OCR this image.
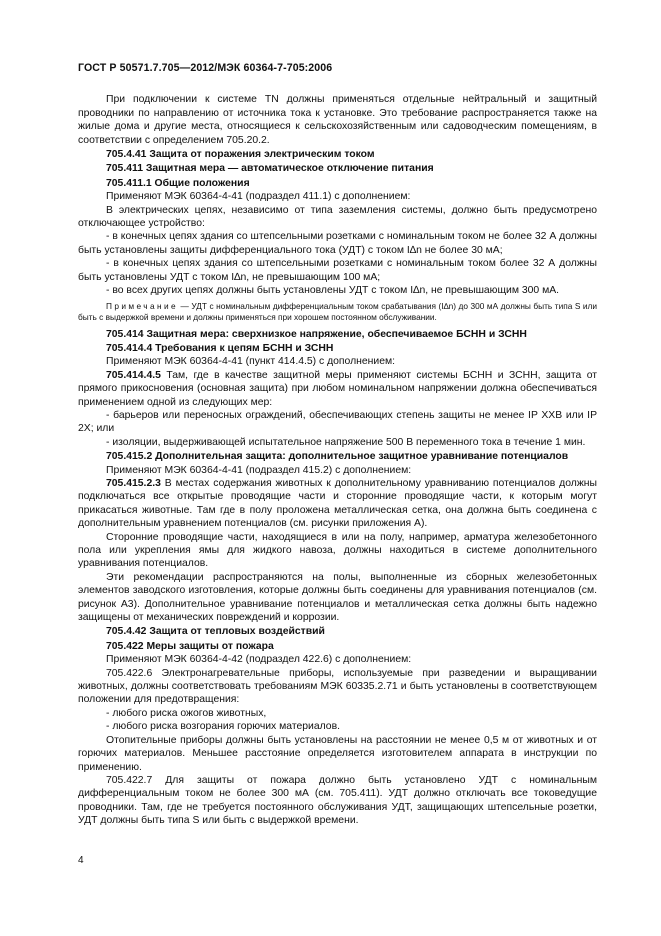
ГОСТ Р 50571.7.705—2012/МЭК 60364-7-705:2006

При подключении к системе TN должны применяться отдельные нейтральный и защитный проводники по направлению от источника тока к установке. Это требование распространяется также на жилые дома и другие места, относящиеся к сельскохозяйственным или садоводческим помещениям, в соответствии с определением 705.20.2.

705.4.41 Защита от поражения электрическим током

705.411 Защитная мера — автоматическое отключение питания

705.411.1 Общие положения

Применяют МЭК 60364-4-41 (подраздел 411.1) с дополнением:

В электрических цепях, независимо от типа заземления системы, должно быть предусмотрено отключающее устройство:

- в конечных цепях здания со штепсельными розетками с номинальным током не более 32 А должны быть установлены защиты дифференциального тока (УДТ) с током I∆n не более 30 мА;

- в конечных цепях здания со штепсельными розетками с номинальным током более 32 А должны быть установлены УДТ с током I∆n, не превышающим 100 мА;

- во всех других цепях должны быть установлены УДТ с током I∆n, не превышающим 300 мА.

Примечание — УДТ с номинальным дифференциальным током срабатывания (I∆n) до 300 мА должны быть типа S или быть с выдержкой времени и должны применяться при хорошем постоянном обслуживании.

705.414 Защитная мера: сверхнизкое напряжение, обеспечиваемое БСНН и ЗСНН

705.414.4 Требования к цепям БСНН и ЗСНН

Применяют МЭК 60364-4-41 (пункт 414.4.5) с дополнением:

705.414.4.5 Там, где в качестве защитной меры применяют системы БСНН и ЗСНН, защита от прямого прикосновения (основная защита) при любом номинальном напряжении должна обеспечиваться применением одной из следующих мер:

- барьеров или переносных ограждений, обеспечивающих степень защиты не менее IP XXB или IP 2X; или

- изоляции, выдерживающей испытательное напряжение 500 В переменного тока в течение 1 мин.

705.415.2 Дополнительная защита: дополнительное защитное уравнивание потенциалов

Применяют МЭК 60364-4-41 (подраздел 415.2) с дополнением:

705.415.2.3 В местах содержания животных к дополнительному уравниванию потенциалов должны подключаться все открытые проводящие части и сторонние проводящие части, к которым могут прикасаться животные. Там где в полу проложена металлическая сетка, она должна быть соединена с дополнительным уравнением потенциалов (см. рисунки приложения А).

Сторонние проводящие части, находящиеся в или на полу, например, арматура железобетонного пола или укрепления ямы для жидкого навоза, должны находиться в системе дополнительного уравнивания потенциалов.

Эти рекомендации распространяются на полы, выполненные из сборных железобетонных элементов заводского изготовления, которые должны быть соединены для уравнивания потенциалов (см. рисунок А3). Дополнительное уравнивание потенциалов и металлическая сетка должны быть надежно защищены от механических повреждений и коррозии.

705.4.42 Защита от тепловых воздействий

705.422 Меры защиты от пожара

Применяют МЭК 60364-4-42 (подраздел 422.6) с дополнением:

705.422.6 Электронагревательные приборы, используемые при разведении и выращивании животных, должны соответствовать требованиям МЭК 60335.2.71 и быть установлены в соответствующем положении для предотвращения:

- любого риска ожогов животных,

- любого риска возгорания горючих материалов.

Отопительные приборы должны быть установлены на расстоянии не менее 0,5 м от животных и от горючих материалов. Меньшее расстояние определяется изготовителем аппарата в инструкции по применению.

705.422.7 Для защиты от пожара должно быть установлено УДТ с номинальным дифференциальным током не более 300 мА (см. 705.411). УДТ должно отключать все токоведущие проводники. Там, где не требуется постоянного обслуживания УДТ, защищающих штепсельные розетки, УДТ должны быть типа S или быть с выдержкой времени.

4
